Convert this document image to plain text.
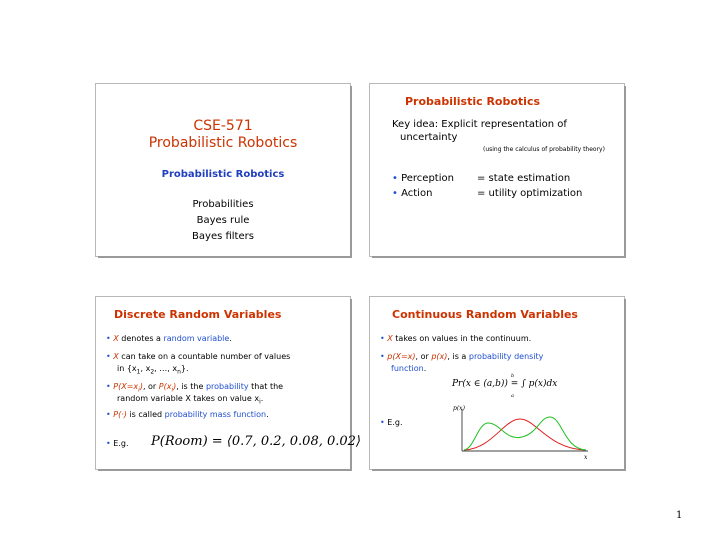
CSE-571
Probabilistic Robotics
Probabilistic Robotics
Probabilities
Bayes rule
Bayes filters
Probabilistic Robotics
Key idea: Explicit representation of
uncertainty
(using the calculus of probability theory)
• Perception = state estimation
• Action	= utility optimization
Discrete Random Variables
• X denotes a random variable.
• X can take on a countable number of values
in {$x_1$, $x_2$, …, $x_n$}.
• $P(X=x_i)$, or $P(x_i)$, is the probability that the
random variable X takes on value $x_i$.
• P(·) is called probability mass function.
• E.g. P(Room) = ⟨0.7, 0.2, 0.08, 0.02⟩
Continuous Random Variables
• X takes on values in the continuum.
• p(X=x), or p(x), is a probability density
function.
b
Pr(x ∈ (a,b)) = ∫ p(x)dx
a
• E.g.
p(x)
x
1
